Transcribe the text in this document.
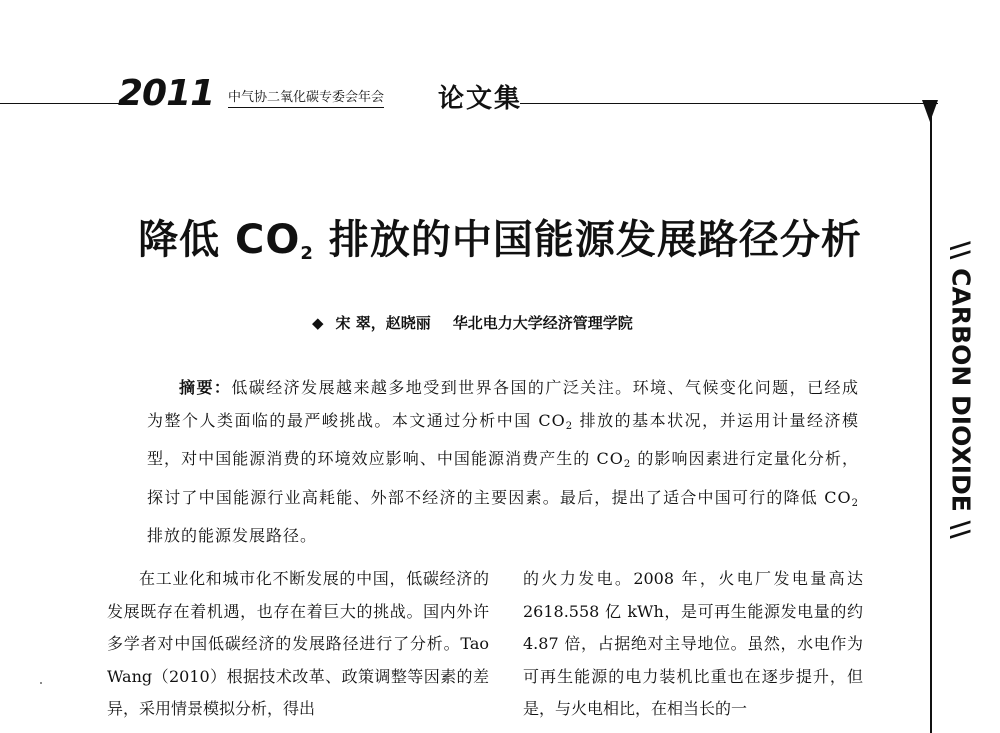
2011 中气协二氧化碳专委会年会 论文集
\\ CARBON DIOXIDE \\
降低 $CO_2$ 排放的中国能源发展路径分析
◆ 宋 翠，赵晓丽 华北电力大学经济管理学院

摘要：低碳经济发展越来越多地受到世界各国的广泛关注。环境、气候变化问题，已经成为整个人类面临的最严峻挑战。本文通过分析中国 $CO_2$ 排放的基本状况，并运用计量经济模型，对中国能源消费的环境效应影响、中国能源消费产生的 $CO_2$ 的影响因素进行定量化分析，探讨了中国能源行业高耗能、外部不经济的主要因素。最后，提出了适合中国可行的降低 $CO_2$ 排放的能源发展路径。

在工业化和城市化不断发展的中国，低碳经济的发展既存在着机遇，也存在着巨大的挑战。国内外许多学者对中国低碳经济的发展路径进行了分析。Tao Wang（2010）根据技术改革、政策调整等因素的差异，采用情景模拟分析，得出

的火力发电。2008 年，火电厂发电量高达 2618.558 亿 kWh，是可再生能源发电量的约 4.87 倍，占据绝对主导地位。虽然，水电作为可再生能源的电力装机比重也在逐步提升，但是，与火电相比，在相当长的一
